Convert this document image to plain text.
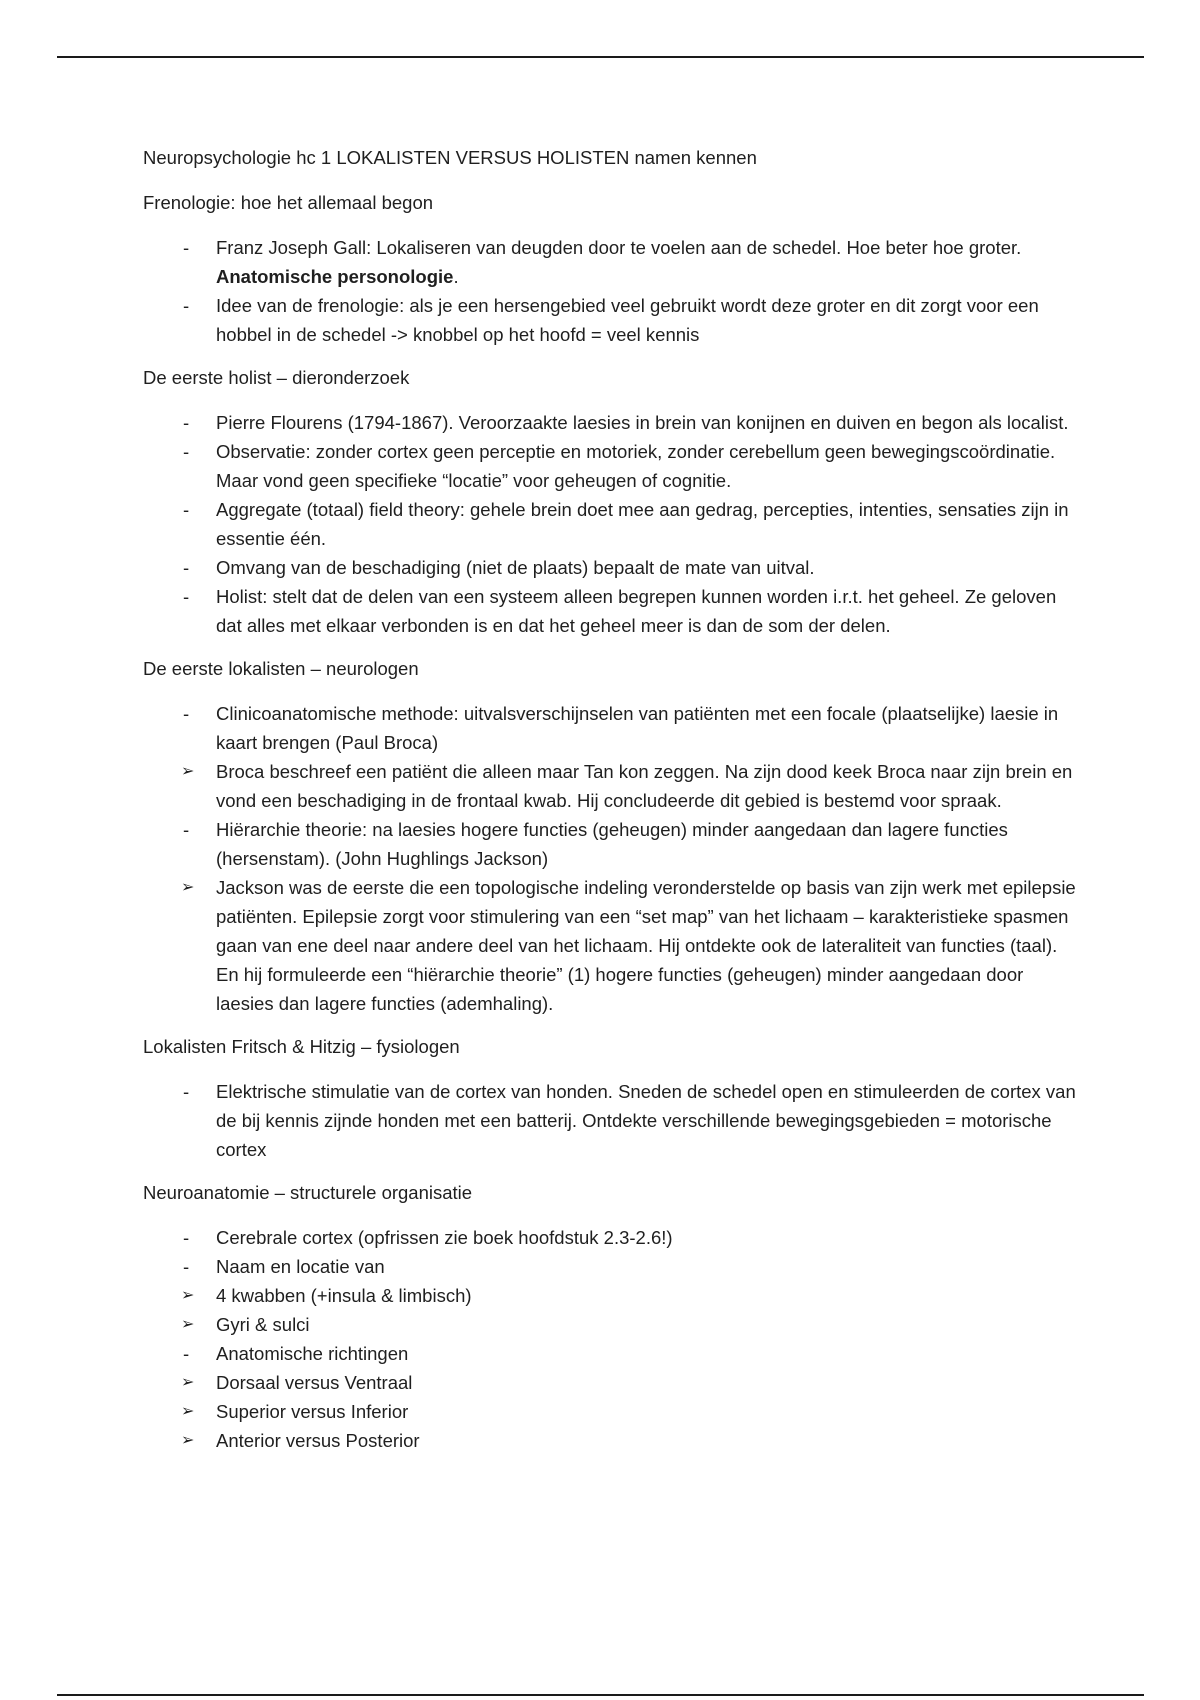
Neuropsychologie hc 1 LOKALISTEN VERSUS HOLISTEN namen kennen
Frenologie: hoe het allemaal begon
-	Franz Joseph Gall: Lokaliseren van deugden door te voelen aan de schedel. Hoe beter hoe groter. Anatomische personologie.
-	Idee van de frenologie: als je een hersengebied veel gebruikt wordt deze groter en dit zorgt voor een hobbel in de schedel -> knobbel op het hoofd = veel kennis
De eerste holist – dieronderzoek
-	Pierre Flourens (1794-1867). Veroorzaakte laesies in brein van konijnen en duiven en begon als localist.
-	Observatie: zonder cortex geen perceptie en motoriek, zonder cerebellum geen bewegingscoördinatie. Maar vond geen specifieke “locatie” voor geheugen of cognitie.
-	Aggregate (totaal) field theory: gehele brein doet mee aan gedrag, percepties, intenties, sensaties zijn in essentie één.
-	Omvang van de beschadiging (niet de plaats) bepaalt de mate van uitval.
-	Holist: stelt dat de delen van een systeem alleen begrepen kunnen worden i.r.t. het geheel. Ze geloven dat alles met elkaar verbonden is en dat het geheel meer is dan de som der delen.
De eerste lokalisten – neurologen
-	Clinicoanatomische methode: uitvalsverschijnselen van patiënten met een focale (plaatselijke) laesie in kaart brengen (Paul Broca)
➢	Broca beschreef een patiënt die alleen maar Tan kon zeggen. Na zijn dood keek Broca naar zijn brein en vond een beschadiging in de frontaal kwab. Hij concludeerde dit gebied is bestemd voor spraak.
-	Hiërarchie theorie: na laesies hogere functies (geheugen) minder aangedaan dan lagere functies (hersenstam). (John Hughlings Jackson)
➢	Jackson was de eerste die een topologische indeling veronderstelde op basis van zijn werk met epilepsie patiënten. Epilepsie zorgt voor stimulering van een “set map” van het lichaam – karakteristieke spasmen gaan van ene deel naar andere deel van het lichaam. Hij ontdekte ook de lateraliteit van functies (taal). En hij formuleerde een “hiërarchie theorie” (1) hogere functies (geheugen) minder aangedaan door laesies dan lagere functies (ademhaling).
Lokalisten Fritsch & Hitzig – fysiologen
-	Elektrische stimulatie van de cortex van honden. Sneden de schedel open en stimuleerden de cortex van de bij kennis zijnde honden met een batterij. Ontdekte verschillende bewegingsgebieden = motorische cortex
Neuroanatomie – structurele organisatie
-	Cerebrale cortex (opfrissen zie boek hoofdstuk 2.3-2.6!)
-	Naam en locatie van
➢	4 kwabben (+insula & limbisch)
➢	Gyri & sulci
-	Anatomische richtingen
➢	Dorsaal versus Ventraal
➢	Superior versus Inferior
➢	Anterior versus Posterior
